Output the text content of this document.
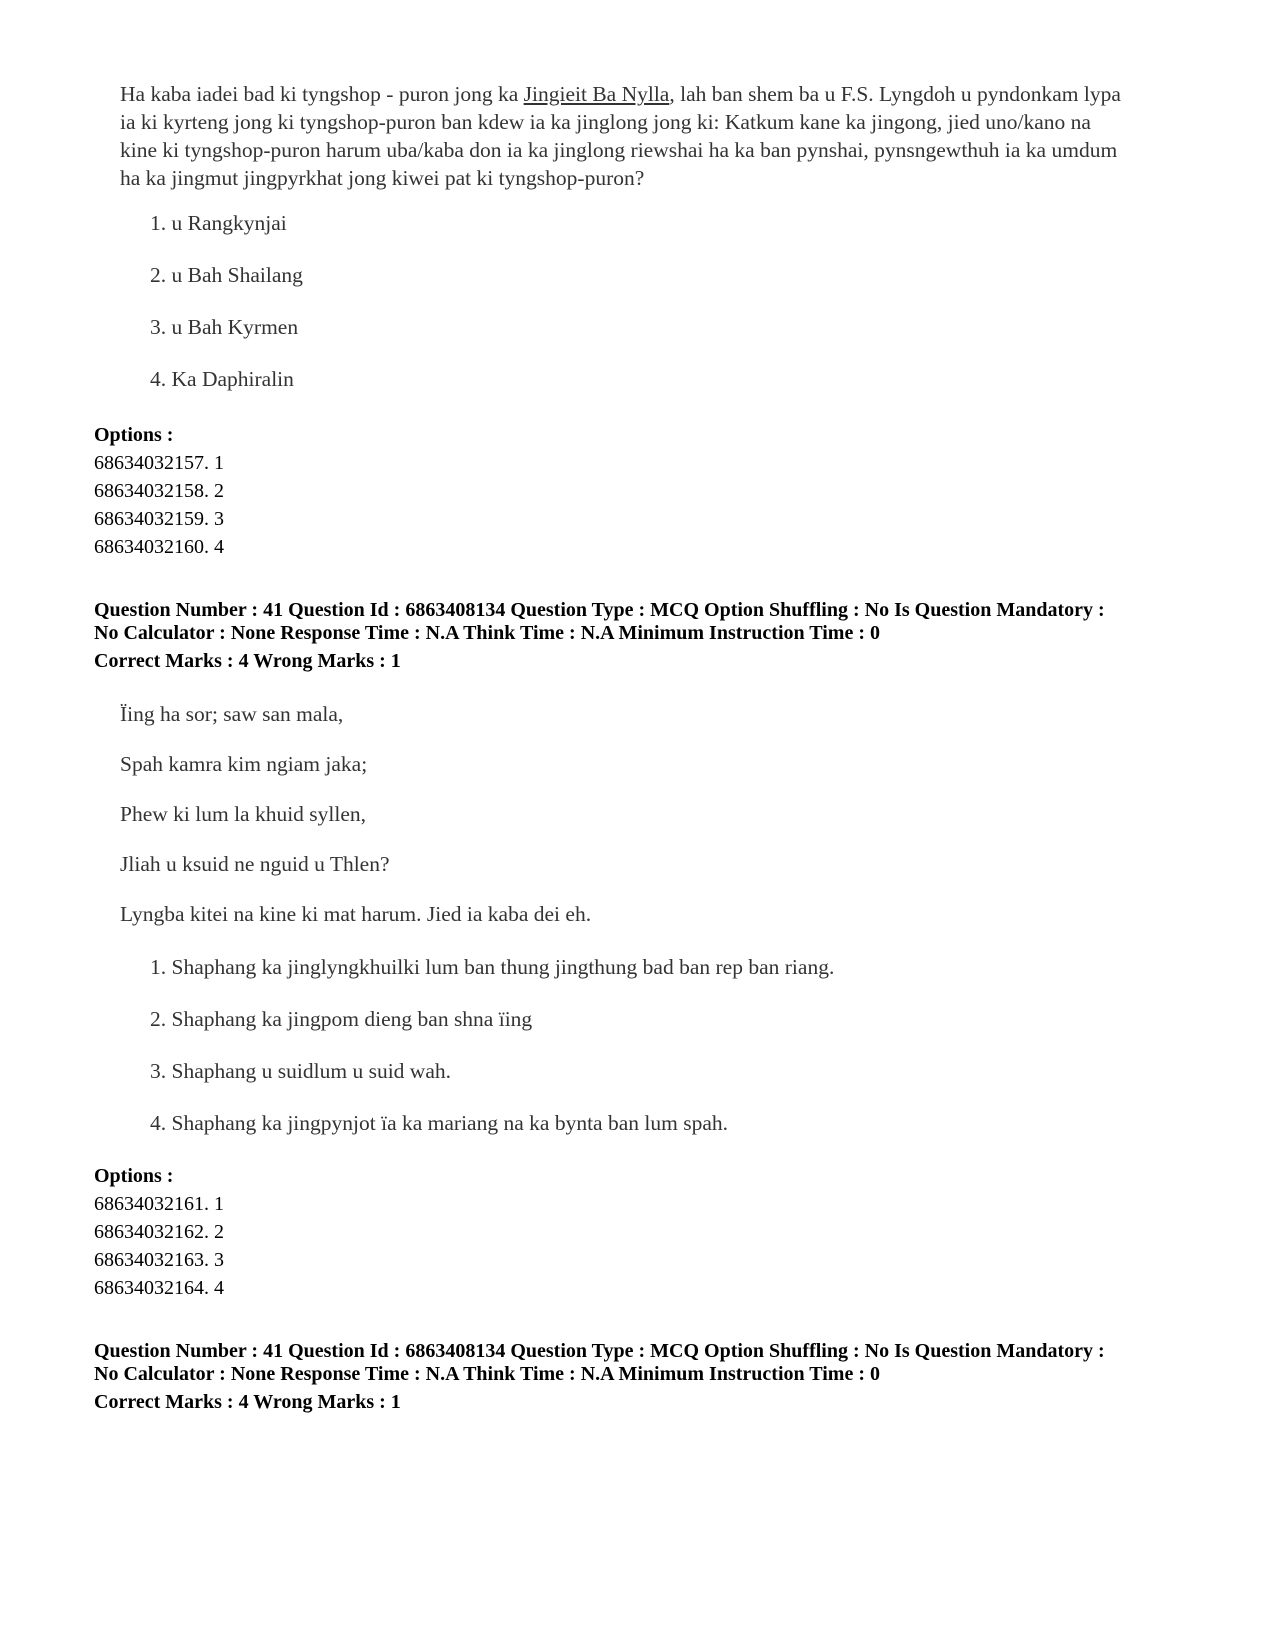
Ha kaba iadei bad ki tyngshop - puron jong ka Jingieit Ba Nylla, lah ban shem ba u F.S. Lyngdoh u pyndonkam lypa ia ki kyrteng jong ki tyngshop-puron ban kdew ia ka jinglong jong ki: Katkum kane ka jingong, jied uno/kano na kine ki tyngshop-puron harum uba/kaba don ia ka jinglong riewshai ha ka ban pynshai, pynsngewthuh ia ka umdum ha ka jingmut jingpyrkhat jong kiwei pat ki tyngshop-puron?
1. u Rangkynjai
2. u Bah Shailang
3. u Bah Kyrmen
4. Ka Daphiralin
Options :
68634032157. 1
68634032158. 2
68634032159. 3
68634032160. 4
Question Number : 41 Question Id : 6863408134 Question Type : MCQ Option Shuffling : No Is Question Mandatory :
No Calculator : None Response Time : N.A Think Time : N.A Minimum Instruction Time : 0
Correct Marks : 4 Wrong Marks : 1
Ïing ha sor; saw san mala,
Spah kamra kim ngiam jaka;
Phew ki lum la khuid syllen,
Jliah u ksuid ne nguid u Thlen?
Lyngba kitei na kine ki mat harum. Jied ia kaba dei eh.
1. Shaphang ka jinglyngkhuilki lum ban thung jingthung bad ban rep ban riang.
2. Shaphang ka jingpom dieng ban shna ïing
3. Shaphang u suidlum u suid wah.
4. Shaphang ka jingpynjot ïa ka mariang na ka bynta ban lum spah.
Options :
68634032161. 1
68634032162. 2
68634032163. 3
68634032164. 4
Question Number : 41 Question Id : 6863408134 Question Type : MCQ Option Shuffling : No Is Question Mandatory :
No Calculator : None Response Time : N.A Think Time : N.A Minimum Instruction Time : 0
Correct Marks : 4 Wrong Marks : 1
